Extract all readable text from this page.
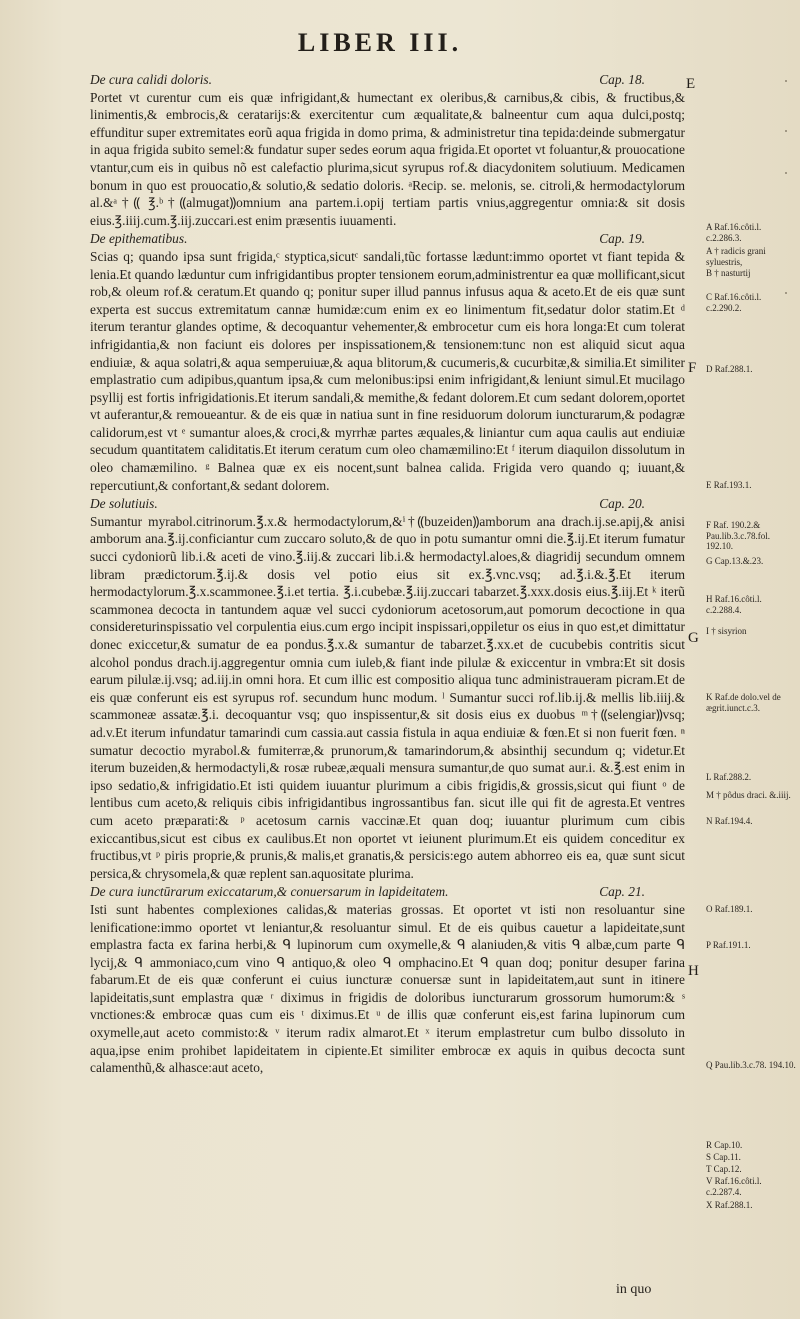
LIBER III.
De cura calidi doloris.	Cap. 18.

Portet vt curentur cum eis quæ infrigidant,& humectant ex oleribus,& carnibus,& cibis, & fructibus,& linimentis,& embrocis,& ceratarijs:& exercitentur cum æqualitate,& balneentur cum aqua dulci,postq; effunditur super extremitates eorũ aqua frigida in domo prima, & administretur tina tepida:deinde submergatur in aqua frigida subito semel:& fundatur super sedes eorum aqua frigida.Et oportet vt foluantur,& prouocatione vtantur,cum eis in quibus nõ est calefactio plurima,sicut syrupus rof.& diacydonitem solutiuum. Medicamen bonum in quo est prouocatio,& solutio,& sedatio doloris. ᵃRecip. se. melonis, se. citroli,& hermodactylorum al.&ᵃ†⸨ ℥.ᵇ†⸨almugat⸩omnium ana partem.i.opij tertiam partis vnius,aggregentur omnia:& sit dosis eius.℥.iiij.cum.℥.iij.zuccari.est enim præsentis iuuamenti.

De epithematibus.	Cap. 19.

Scias q; quando ipsa sunt frigida,ᶜ styptica,sicutᶜ sandali,tũc fortasse lædunt:immo oportet vt fiant tepida & lenia.Et quando læduntur cum infrigidantibus propter tensionem eorum,administrentur ea quæ mollificant,sicut rob,& oleum rof.& ceratum.Et quando q; ponitur super illud pannus infusus aqua & aceto.Et de eis quæ sunt experta est succus extremitatum cannæ humidæ:cum enim ex eo linimentum fit,sedatur dolor statim.Et ᵈ iterum terantur glandes optime, & decoquantur vehementer,& embrocetur cum eis hora longa:Et cum tolerat infrigidantia,& non faciunt eis dolores per inspissationem,& tensionem:tunc non est aliquid sicut aqua endiuiæ, & aqua solatri,& aqua semperuiuæ,& aqua blitorum,& cucumeris,& cucurbitæ,& similia.Et similiter emplastratio cum adipibus,quantum ipsa,& cum melonibus:ipsi enim infrigidant,& leniunt simul.Et mucilago psyllij est fortis infrigidationis.Et iterum sandali,& memithe,& fedant dolorem.Et cum sedant dolorem,oportet vt auferantur,& remoueantur. & de eis quæ in natiua sunt in fine residuorum dolorum iuncturarum,& podagræ calidorum,est vt ᵉ sumantur aloes,& croci,& myrrhæ partes æquales,& liniantur cum aqua caulis aut endiuiæ secudum quantitatem caliditatis.Et iterum ceratum cum oleo chamæmilino:Et ᶠ iterum diaquilon dissolutum in oleo chamæmilino. ᵍ Balnea quæ ex eis nocent,sunt balnea calida. Frigida vero quando q; iuuant,& repercutiunt,& confortant,& sedant dolorem.

De solutiuis.	Cap. 20.

Sumantur myrabol.citrinorum.℥.x.& hermodactylorum,&ⁱ†⸨buzeiden⸩amborum ana drach.ij.se.apij,& anisi amborum ana.℥.ij.conficiantur cum zuccaro soluto,& de quo in potu sumantur omni die.℥.ij.Et iterum fumatur succi cydoniorũ lib.i.& aceti de vino.℥.iij.& zuccari lib.i.& hermodactyl.aloes,& diagridij secundum omnem libram prædictorum.℥.ij.& dosis vel potio eius sit ex.℥.vnc.vsq; ad.℥.i.&.℥.Et iterum hermodactylorum.℥.x.scammonee.℥.i.et tertia. ℥.i.cubebæ.℥.iij.zuccari tabarzet.℥.xxx.dosis eius.℥.iij.Et ᵏ iterũ scammonea decocta in tantundem aquæ vel succi cydoniorum acetosorum,aut pomorum decoctione in qua considereturinspissatio vel corpulentia eius.cum ergo incipit inspissari,oppiletur os eius in quo est,et dimittatur donec exiccetur,& sumatur de ea pondus.℥.x.& sumantur de tabarzet.℥.xx.et de cucubebis contritis sicut alcohol pondus drach.ij.aggregentur omnia cum iuleb,& fiant inde pilulæ & exiccentur in vmbra:Et sit dosis earum pilulæ.ij.vsq; ad.iij.in omni hora. Et cum illic est compositio aliqua tunc administraueram picram.Et de eis quæ conferunt eis est syrupus rof. secundum hunc modum. ˡ Sumantur succi rof.lib.ij.& mellis lib.iiij.& scammoneæ assatæ.℥.i. decoquantur vsq; quo inspissentur,& sit dosis eius ex duobus ᵐ†⸨selengiar⸩vsq; ad.v.Et iterum infundatur tamarindi cum cassia.aut cassia fistula in aqua endiuiæ & fœn.Et si non fuerit fœn. ⁿ sumatur decoctio myrabol.& fumiterræ,& prunorum,& tamarindorum,& absinthij secundum q; videtur.Et iterum buzeiden,& hermodactyli,& rosæ rubeæ,æquali mensura sumantur,de quo sumat aur.i. &.℥.est enim in ipso sedatio,& infrigidatio.Et isti quidem iuuantur plurimum a cibis frigidis,& grossis,sicut qui fiunt ᵒ de lentibus cum aceto,& reliquis cibis infrigidantibus ingrossantibus fan. sicut ille qui fit de agresta.Et ventres cum aceto præparati:& ᵖ acetosum carnis vaccinæ.Et quan doq; iuuantur plurimum cum cibis exiccantibus,sicut est cibus ex caulibus.Et non oportet vt ieiunent plurimum.Et eis quidem conceditur ex fructibus,vt ᵖ piris proprie,& prunis,& malis,et granatis,& persicis:ego autem abhorreo eis ea, quæ sunt sicut persica,& chrysomela,& quæ replent san.aquositate plurima.

De cura iunctūrarum exiccatarum,& conuersarum in lapideitatem.	Cap. 21.

Isti sunt habentes complexiones calidas,& materias grossas. Et oportet vt isti non resoluantur sine lenificatione:immo oportet vt leniantur,& resoluantur simul. Et de eis quibus cauetur a lapideitate,sunt emplastra facta ex farina herbi,& ᑫ lupinorum cum oxymelle,& ᑫ alaniuden,& vitis ᑫ albæ,cum parte ᑫ lycij,& ᑫ ammoniaco,cum vino ᑫ antiquo,& oleo ᑫ omphacino.Et ᑫ quan doq; ponitur desuper farina fabarum.Et de eis quæ conferunt ei cuius iuncturæ conuersæ sunt in lapideitatem,aut sunt in itinere lapideitatis,sunt emplastra quæ ʳ diximus in frigidis de doloribus iuncturarum grossorum humorum:& ˢ vnctiones:& embrocæ quas cum eis ᵗ diximus.Et ᵘ de illis quæ conferunt eis,est farina lupinorum cum oxymelle,aut aceto commisto:& ᵛ iterum radix almarot.Et ˣ iterum emplastretur cum bulbo dissoluto in aqua,ipse enim prohibet lapideitatem in cipiente.Et similiter embrocæ ex aquis in quibus decocta sunt calamenthũ,& alhasce:aut aceto,

E
F
G
H
A Raf.16.côti.l. c.2.286.3.
A † radicis grani syluestris,
B † nasturtij
C Raf.16.côti.l. c.2.290.2.
D Raf.288.1.
E Raf.193.1.
F Raf. 190.2.& Pau.lib.3.c.78.fol. 192.10.
G Cap.13.&.23.
H Raf.16.côti.l. c.2.288.4.
I † sisyrion
K Raf.de dolo.vel de ægrit.iunct.c.3.
L Raf.288.2.
M † pôdus draci. &.iiij.
N Raf.194.4.
O Raf.189.1.
P Raf.191.1.
Q Pau.lib.3.c.78. 194.10.
R Cap.10.
S Cap.11.
T Cap.12.
V Raf.16.côti.l. c.2.287.4.
X Raf.288.1.
in quo
